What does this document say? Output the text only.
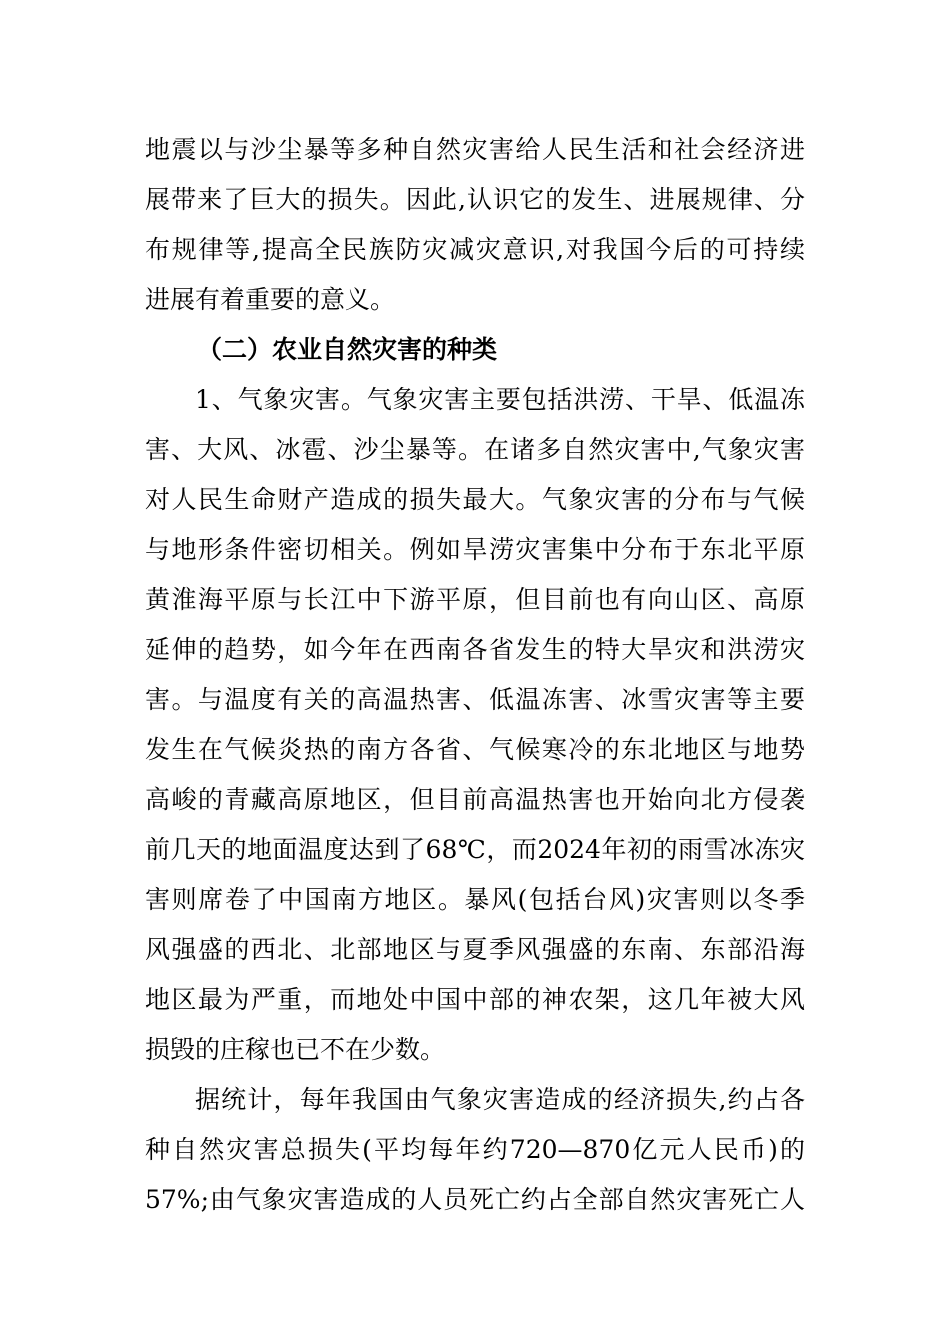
地震以与沙尘暴等多种自然灾害给人民生活和社会经济进
展带来了巨大的损失。因此,认识它的发生、进展规律、分
布规律等,提高全民族防灾减灾意识,对我国今后的可持续
进展有着重要的意义。
（二）农业自然灾害的种类
1、气象灾害。气象灾害主要包括洪涝、干旱、低温冻
害、大风、冰雹、沙尘暴等。在诸多自然灾害中,气象灾害
对人民生命财产造成的损失最大。气象灾害的分布与气候
与地形条件密切相关。例如旱涝灾害集中分布于东北平原
黄淮海平原与长江中下游平原，但目前也有向山区、高原
延伸的趋势，如今年在西南各省发生的特大旱灾和洪涝灾
害。与温度有关的高温热害、低温冻害、冰雪灾害等主要
发生在气候炎热的南方各省、气候寒冷的东北地区与地势
高峻的青藏高原地区，但目前高温热害也开始向北方侵袭
前几天的地面温度达到了68℃，而2024年初的雨雪冰冻灾
害则席卷了中国南方地区。暴风(包括台风)灾害则以冬季
风强盛的西北、北部地区与夏季风强盛的东南、东部沿海
地区最为严重，而地处中国中部的神农架，这几年被大风
损毁的庄稼也已不在少数。
据统计，每年我国由气象灾害造成的经济损失,约占各
种自然灾害总损失(平均每年约720—870亿元人民币)的
57%;由气象灾害造成的人员死亡约占全部自然灾害死亡人
